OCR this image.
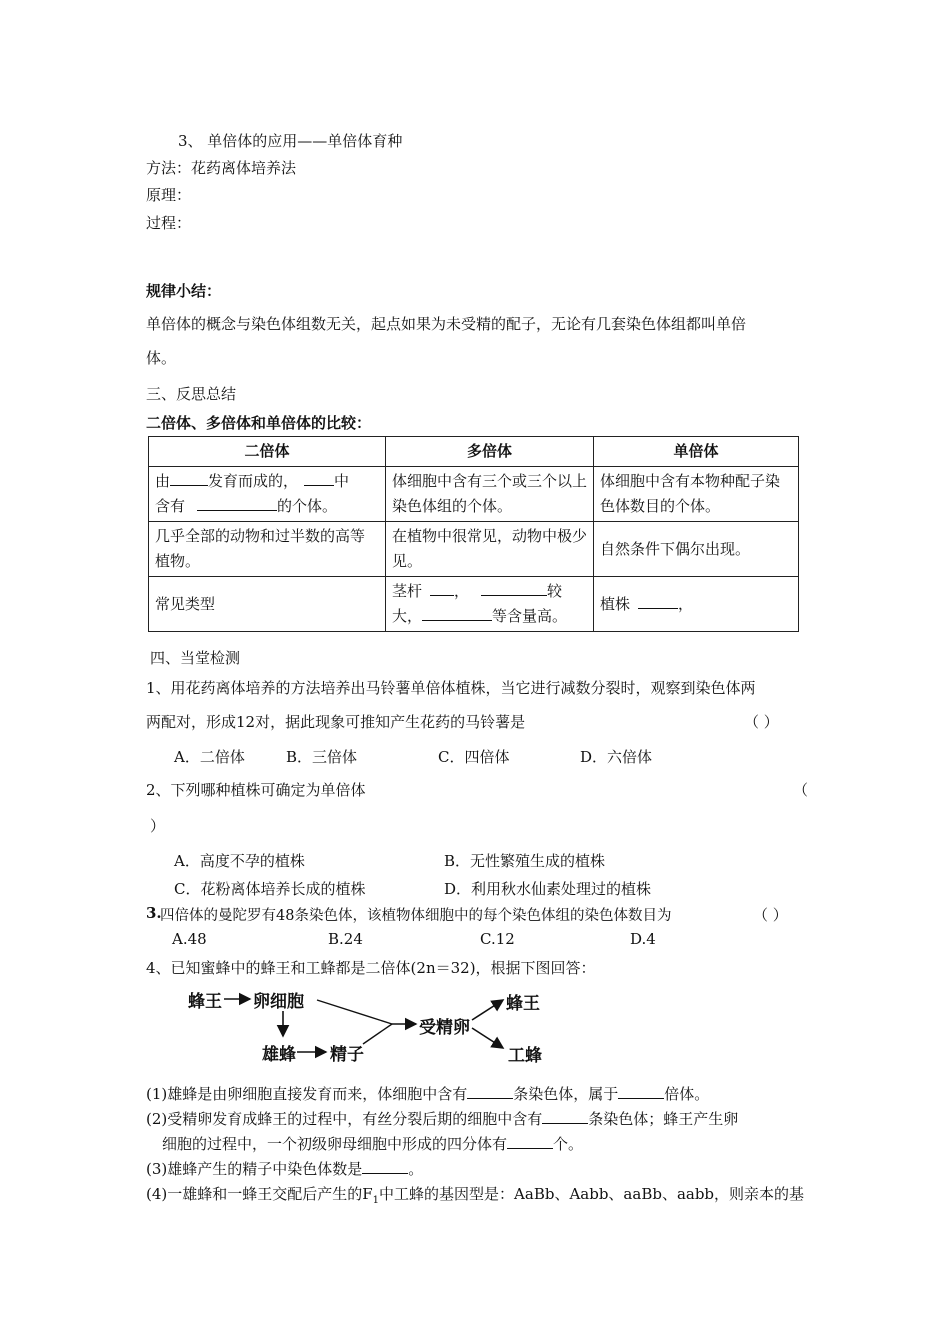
3、 单倍体的应用——单倍体育种
方法：花药离体培养法
原理：
过程：
规律小结：
单倍体的概念与染色体组数无关，起点如果为未受精的配子，无论有几套染色体组都叫单倍
体。
三、反思总结
二倍体、多倍体和单倍体的比较：
二倍体	多倍体	单倍体
由 发育而成的， 中
含有 的个体。	体细胞中含有三个或三个以上染色体组的个体。	体细胞中含有本物种配子染色体数目的个体。
几乎全部的动物和过半数的高等植物。	在植物中很常见，动物中极少见。	自然条件下偶尔出现。
常见类型	茎杆 ， 较
大， 等含量高。	植株 ，
四、当堂检测
1、用花药离体培养的方法培养出马铃薯单倍体植株，当它进行减数分裂时，观察到染色体两
两配对，形成12对，据此现象可推知产生花药的马铃薯是	（ ）
A．二倍体	B．三倍体	C．四倍体	D．六倍体
2、下列哪种植株可确定为单倍体	（
）
A．高度不孕的植株	B．无性繁殖生成的植株
C．花粉离体培养长成的植株	D．利用秋水仙素处理过的植株
3.
四倍体的曼陀罗有48条染色体，该植物体细胞中的每个染色体组的染色体数目为	（ ）
A.48	B.24	C.12	D.4
4、已知蜜蜂中的蜂王和工蜂都是二倍体(2n＝32)，根据下图回答：
蜂王 卵细胞
雄蜂 精子
受精卵
蜂王
工蜂
(1)雄蜂是由卵细胞直接发育而来，体细胞中含有	条染色体，属于	倍体。
(2)受精卵发育成蜂王的过程中，有丝分裂后期的细胞中含有	条染色体；蜂王产生卵
细胞的过程中，一个初级卵母细胞中形成的四分体有	个。
(3)雄蜂产生的精子中染色体数是	。
(4)一雄蜂和一蜂王交配后产生的$F_1$中工蜂的基因型是：AaBb、Aabb、aaBb、aabb，则亲本的基
